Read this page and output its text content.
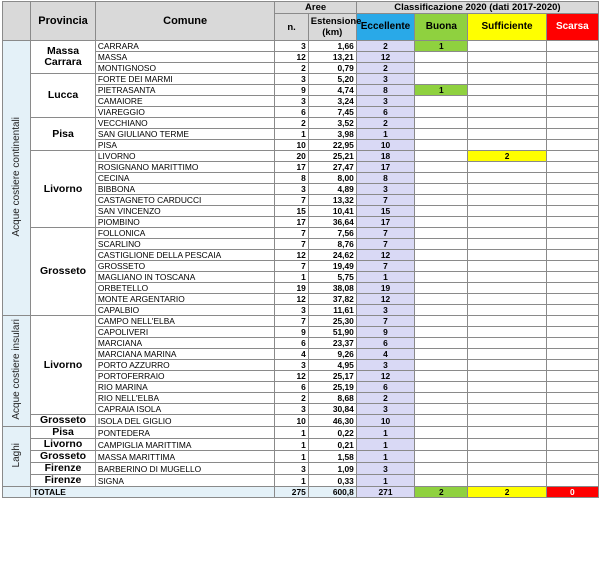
	Provincia	Comune	Aree		Classificazione 2020 (dati 2017-2020)			
			n.	Estensione (km)	Eccellente	Buona	Sufficiente	Scarsa
Acque costiere continentali	Massa Carrara	CARRARA	3	1,66	2	1		
		MASSA	12	13,21	12			
		MONTIGNOSO	2	0,79	2			
	Lucca	FORTE DEI MARMI	3	5,20	3			
		PIETRASANTA	9	4,74	8	1		
		CAMAIORE	3	3,24	3			
		VIAREGGIO	6	7,45	6			
	Pisa	VECCHIANO	2	3,52	2			
		SAN GIULIANO TERME	1	3,98	1			
		PISA	10	22,95	10			
	Livorno	LIVORNO	20	25,21	18		2	
		ROSIGNANO MARITTIMO	17	27,47	17			
		CECINA	8	8,00	8			
		BIBBONA	3	4,89	3			
		CASTAGNETO CARDUCCI	7	13,32	7			
		SAN VINCENZO	15	10,41	15			
		PIOMBINO	17	36,64	17			
	Grosseto	FOLLONICA	7	7,56	7			
		SCARLINO	7	8,76	7			
		CASTIGLIONE DELLA PESCAIA	12	24,62	12			
		GROSSETO	7	19,49	7			
		MAGLIANO IN TOSCANA	1	5,75	1			
		ORBETELLO	19	38,08	19			
		MONTE ARGENTARIO	12	37,82	12			
		CAPALBIO	3	11,61	3			
Acque costiere insulari	Livorno	CAMPO NELL'ELBA	7	25,30	7			
		CAPOLIVERI	9	51,90	9			
		MARCIANA	6	23,37	6			
		MARCIANA MARINA	4	9,26	4			
		PORTO AZZURRO	3	4,95	3			
		PORTOFERRAIO	12	25,17	12			
		RIO MARINA	6	25,19	6			
		RIO NELL'ELBA	2	8,68	2			
		CAPRAIA ISOLA	3	30,84	3			
	Grosseto	ISOLA DEL GIGLIO	10	46,30	10			
Laghi	Pisa	PONTEDERA	1	0,22	1			
	Livorno	CAMPIGLIA MARITTIMA	1	0,21	1			
	Grosseto	MASSA MARITTIMA	1	1,58	1			
	Firenze	BARBERINO DI MUGELLO	3	1,09	3			
	Firenze	SIGNA	1	0,33	1			
	TOTALE		275	600,8	271	2	2	0
